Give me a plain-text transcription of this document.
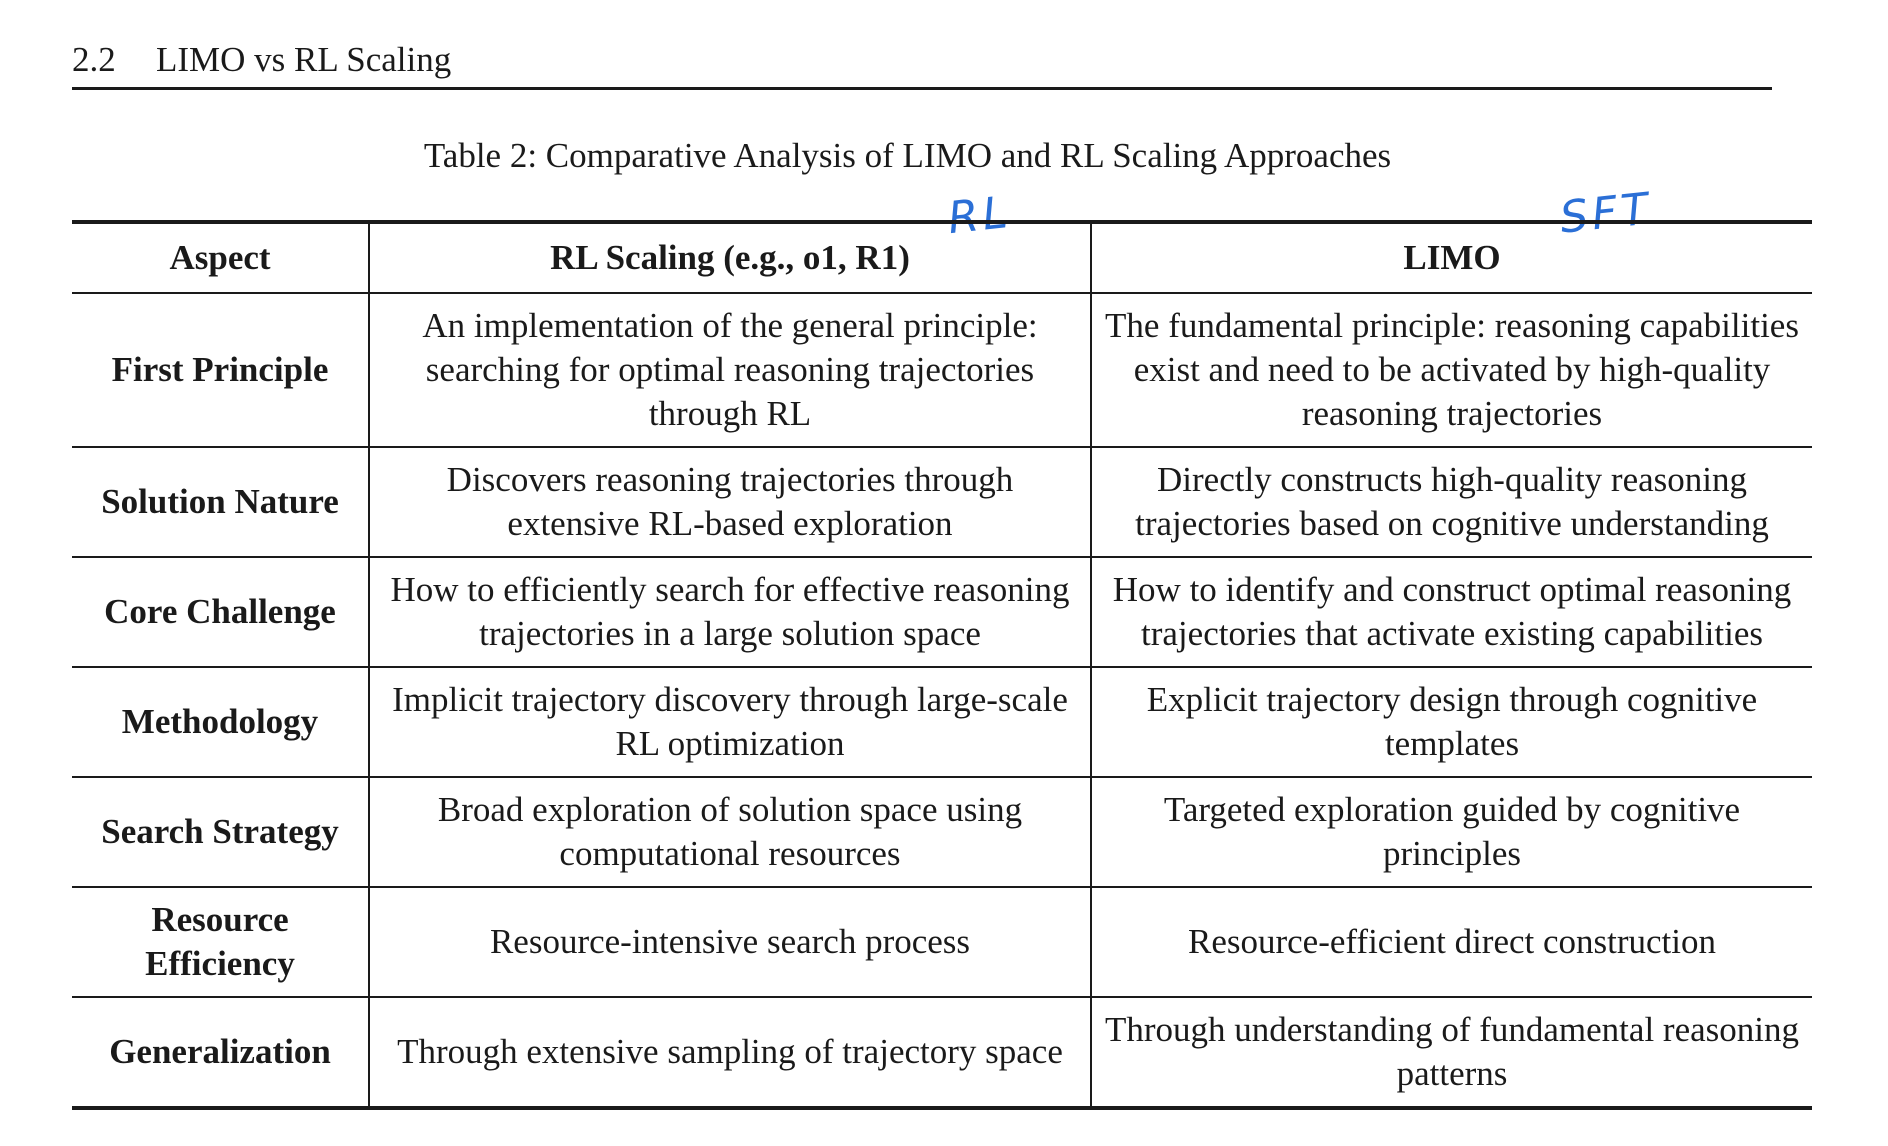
2.2 LIMO vs RL Scaling
Table 2: Comparative Analysis of LIMO and RL Scaling Approaches
RL	SFT
Aspect	RL Scaling (e.g., o1, R1)	LIMO
First Principle	An implementation of the general principle: searching for optimal reasoning trajectories through RL	The fundamental principle: reasoning capabilities exist and need to be activated by high-quality reasoning trajectories
Solution Nature	Discovers reasoning trajectories through extensive RL-based exploration	Directly constructs high-quality reasoning trajectories based on cognitive understanding
Core Challenge	How to efficiently search for effective reasoning trajectories in a large solution space	How to identify and construct optimal reasoning trajectories that activate existing capabilities
Methodology	Implicit trajectory discovery through large-scale RL optimization	Explicit trajectory design through cognitive templates
Search Strategy	Broad exploration of solution space using computational resources	Targeted exploration guided by cognitive principles
Resource Efficiency	Resource-intensive search process	Resource-efficient direct construction
Generalization	Through extensive sampling of trajectory space	Through understanding of fundamental reasoning patterns
